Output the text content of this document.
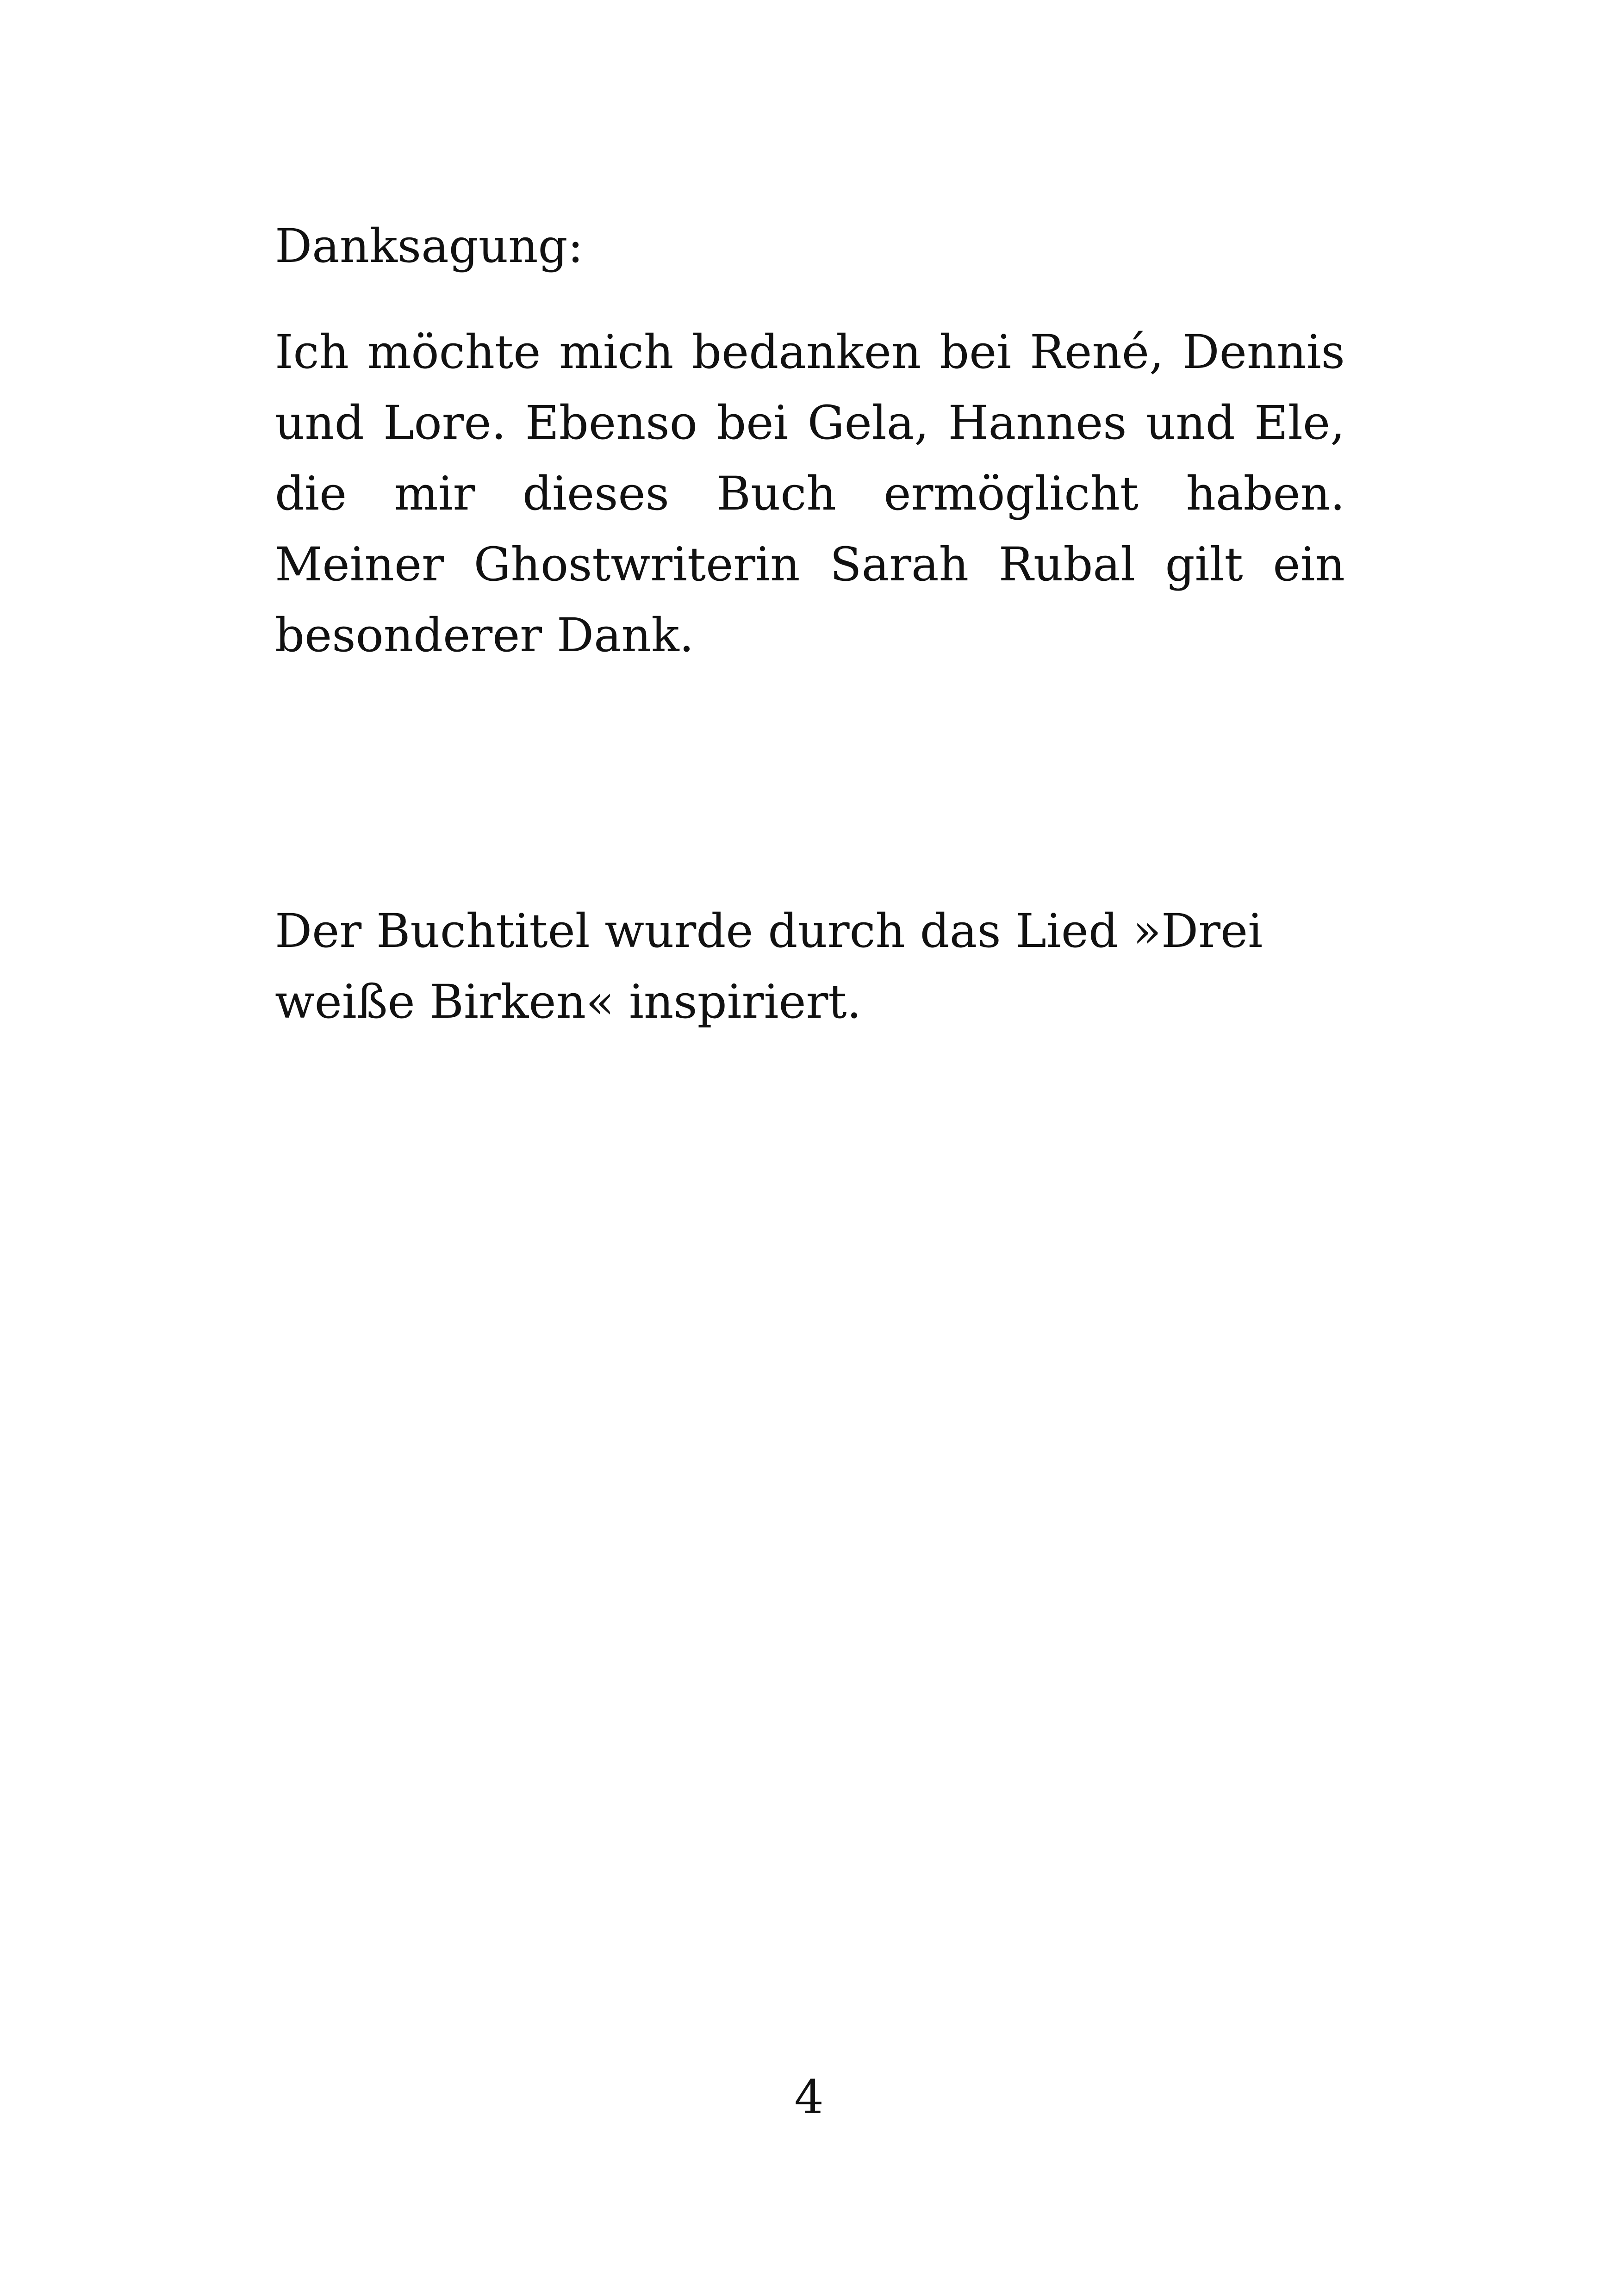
Danksagung:

Ich möchte mich bedanken bei René, Dennis und Lore. Ebenso bei Gela, Hannes und Ele, die mir dieses Buch ermöglicht haben. Meiner Ghostwriterin Sarah Rubal gilt ein besonderer Dank.

Der Buchtitel wurde durch das Lied »Drei weiße Birken« inspiriert.

4
